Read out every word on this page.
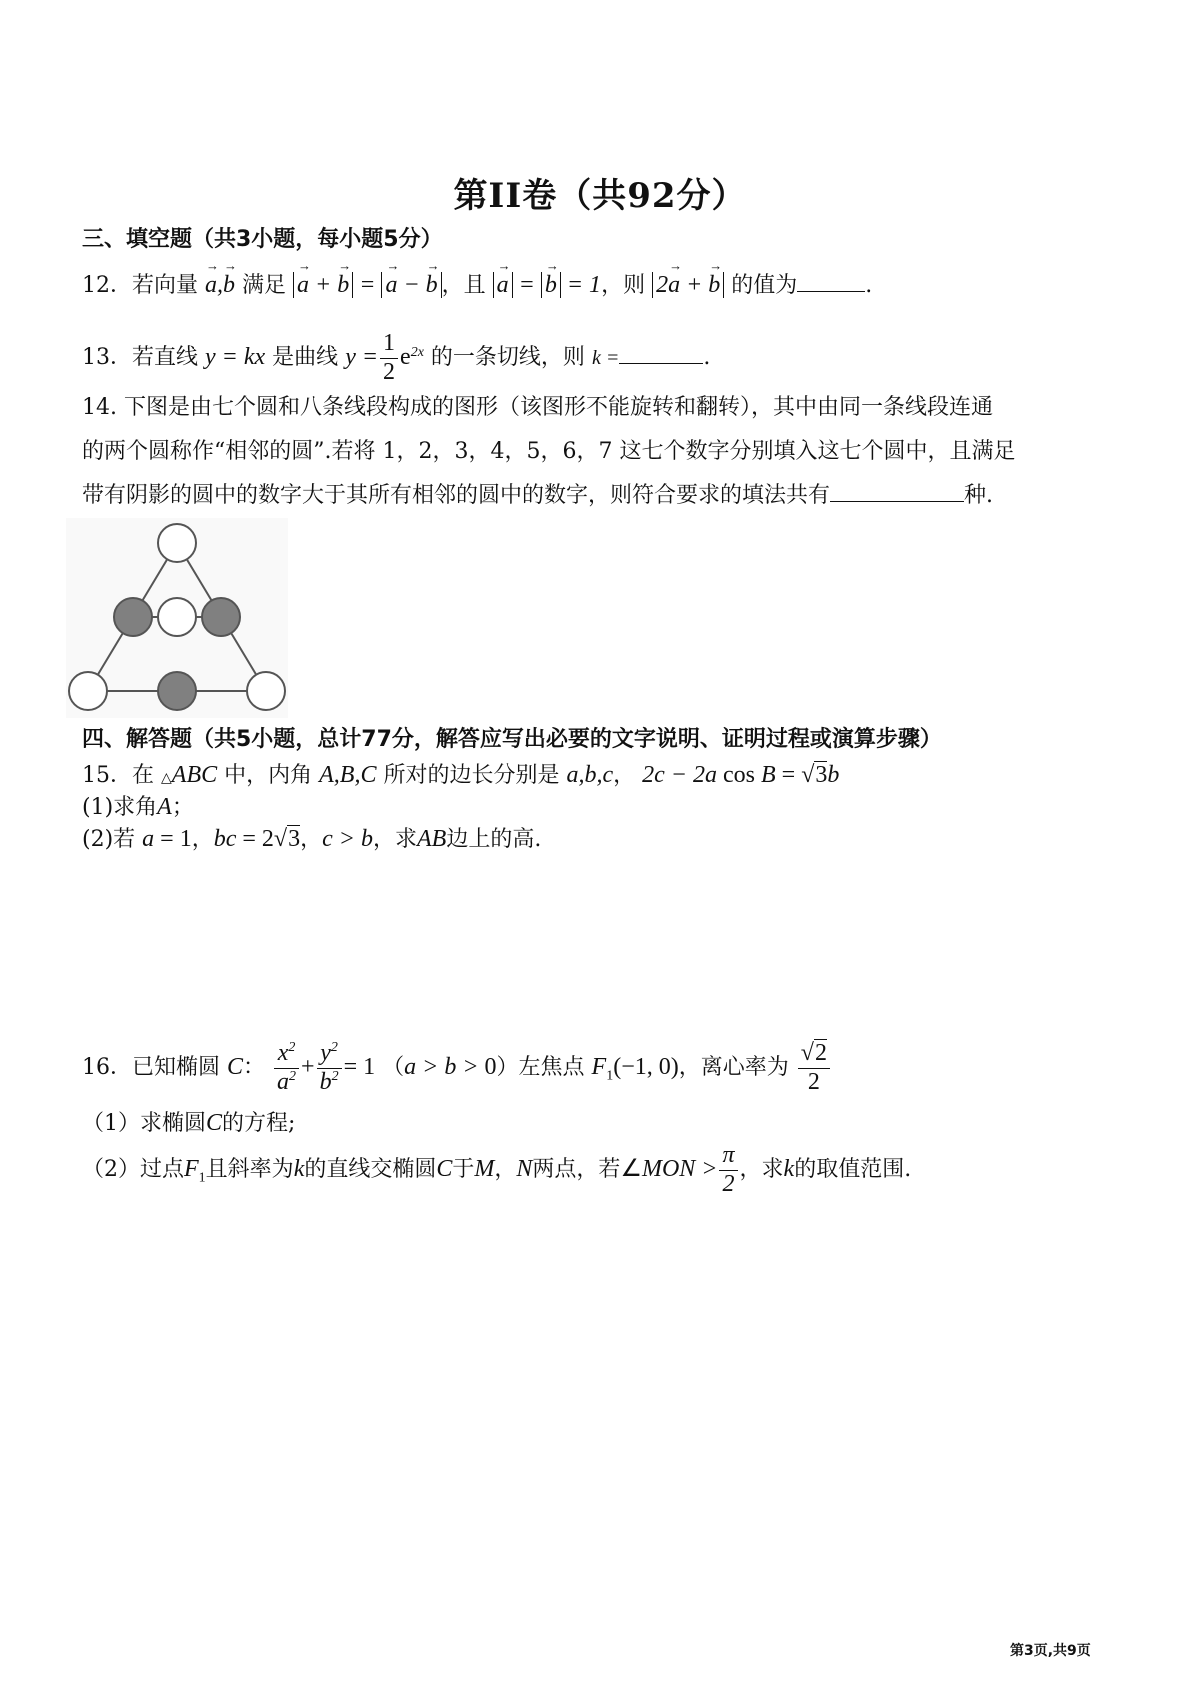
第II卷（共92分）
三、填空题（共3小题，每小题5分）
12．若向量 → a,→ b 满足 → a + → b = → a − → b ，且 → a = → b = 1，则 2→ a + → b 的值为	.
13．若直线 y = kx 是曲线 $y = \frac{1}{2} e^{2x}$ 的一条切线，则 k =	.
14. 下图是由七个圆和八条线段构成的图形（该图形不能旋转和翻转），其中由同一条线段连通
的两个圆称作“相邻的圆”.若将 1，2，3，4，5，6，7 这七个数字分别填入这七个圆中，且满足
带有阴影的圆中的数字大于其所有相邻的圆中的数字，则符合要求的填法共有	种.
四、解答题（共5小题，总计77分，解答应写出必要的文字说明、证明过程或演算步骤）
15．在 △ABC 中，内角 A,B,C 所对的边长分别是 a,b,c， 2c − 2a cos B = √3b
(1)求角A；
(2)若 a = 1，bc = 2√3，c > b，求AB边上的高.
16．已知椭圆 C： $\frac{x^2}{a^2} + \frac{y^2}{b^2} = 1$ （a > b > 0）左焦点 $F_1(-1$, 0)，离心率为 $\frac{√2}{2}$
（1）求椭圆C的方程;
（2）过点$F_1$且斜率为k的直线交椭圆C于M，N两点，若∠MON > $\frac{\pi}{2}$ ，求k的取值范围.
第3页,共9页
